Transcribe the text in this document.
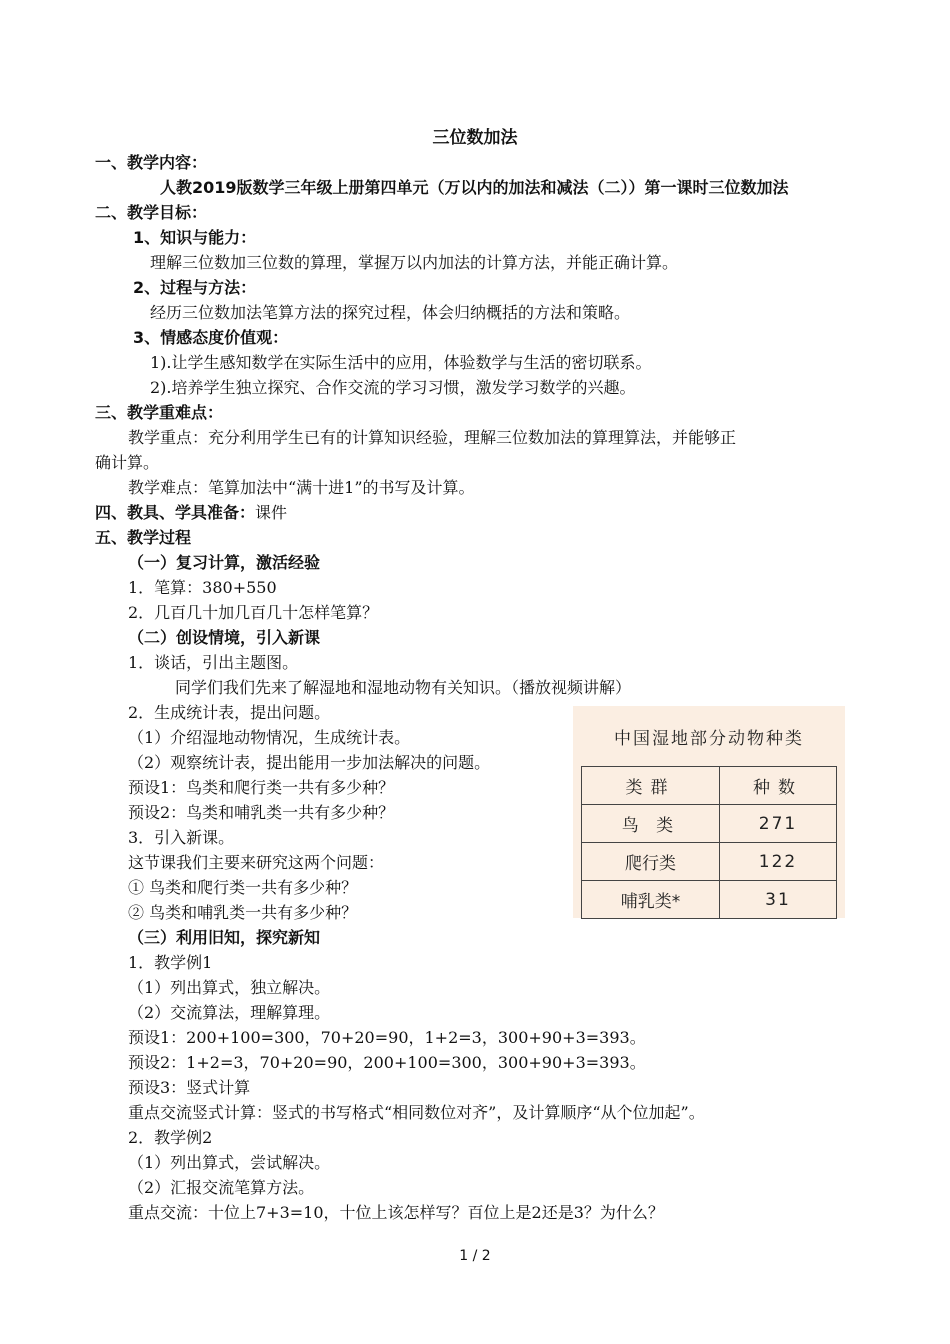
三位数加法
一、教学内容：
人教2019版数学三年级上册第四单元（万以内的加法和减法（二））第一课时三位数加法
二、教学目标：
1、知识与能力：
理解三位数加三位数的算理，掌握万以内加法的计算方法，并能正确计算。
2、过程与方法：
经历三位数加法笔算方法的探究过程，体会归纳概括的方法和策略。
3、情感态度价值观：
1).让学生感知数学在实际生活中的应用，体验数学与生活的密切联系。
2).培养学生独立探究、合作交流的学习习惯，激发学习数学的兴趣。
三、教学重难点：
教学重点：充分利用学生已有的计算知识经验，理解三位数加法的算理算法，并能够正
确计算。
教学难点：笔算加法中“满十进1”的书写及计算。
四、教具、学具准备：课件
五、教学过程
（一）复习计算，激活经验
1．笔算：380+550
2．几百几十加几百几十怎样笔算？
（二）创设情境，引入新课
1．谈话，引出主题图。
同学们我们先来了解湿地和湿地动物有关知识。（播放视频讲解）
2．生成统计表，提出问题。
（1）介绍湿地动物情况，生成统计表。
（2）观察统计表，提出能用一步加法解决的问题。
预设1：鸟类和爬行类一共有多少种？
预设2：鸟类和哺乳类一共有多少种？
3．引入新课。
这节课我们主要来研究这两个问题：
① 鸟类和爬行类一共有多少种？
② 鸟类和哺乳类一共有多少种？
（三）利用旧知，探究新知
1．教学例1
（1）列出算式，独立解决。
（2）交流算法，理解算理。
预设1：200+100=300，70+20=90，1+2=3，300+90+3=393。
预设2：1+2=3，70+20=90，200+100=300，300+90+3=393。
预设3：竖式计算
重点交流竖式计算：竖式的书写格式“相同数位对齐”，及计算顺序“从个位加起”。
2．教学例2
（1）列出算式，尝试解决。
（2）汇报交流笔算方法。
重点交流：十位上7+3=10，十位上该怎样写？百位上是2还是3？为什么？
中国湿地部分动物种类
类群	种数
鸟 类	271
爬行类	122
哺乳类*	31
1 / 2
